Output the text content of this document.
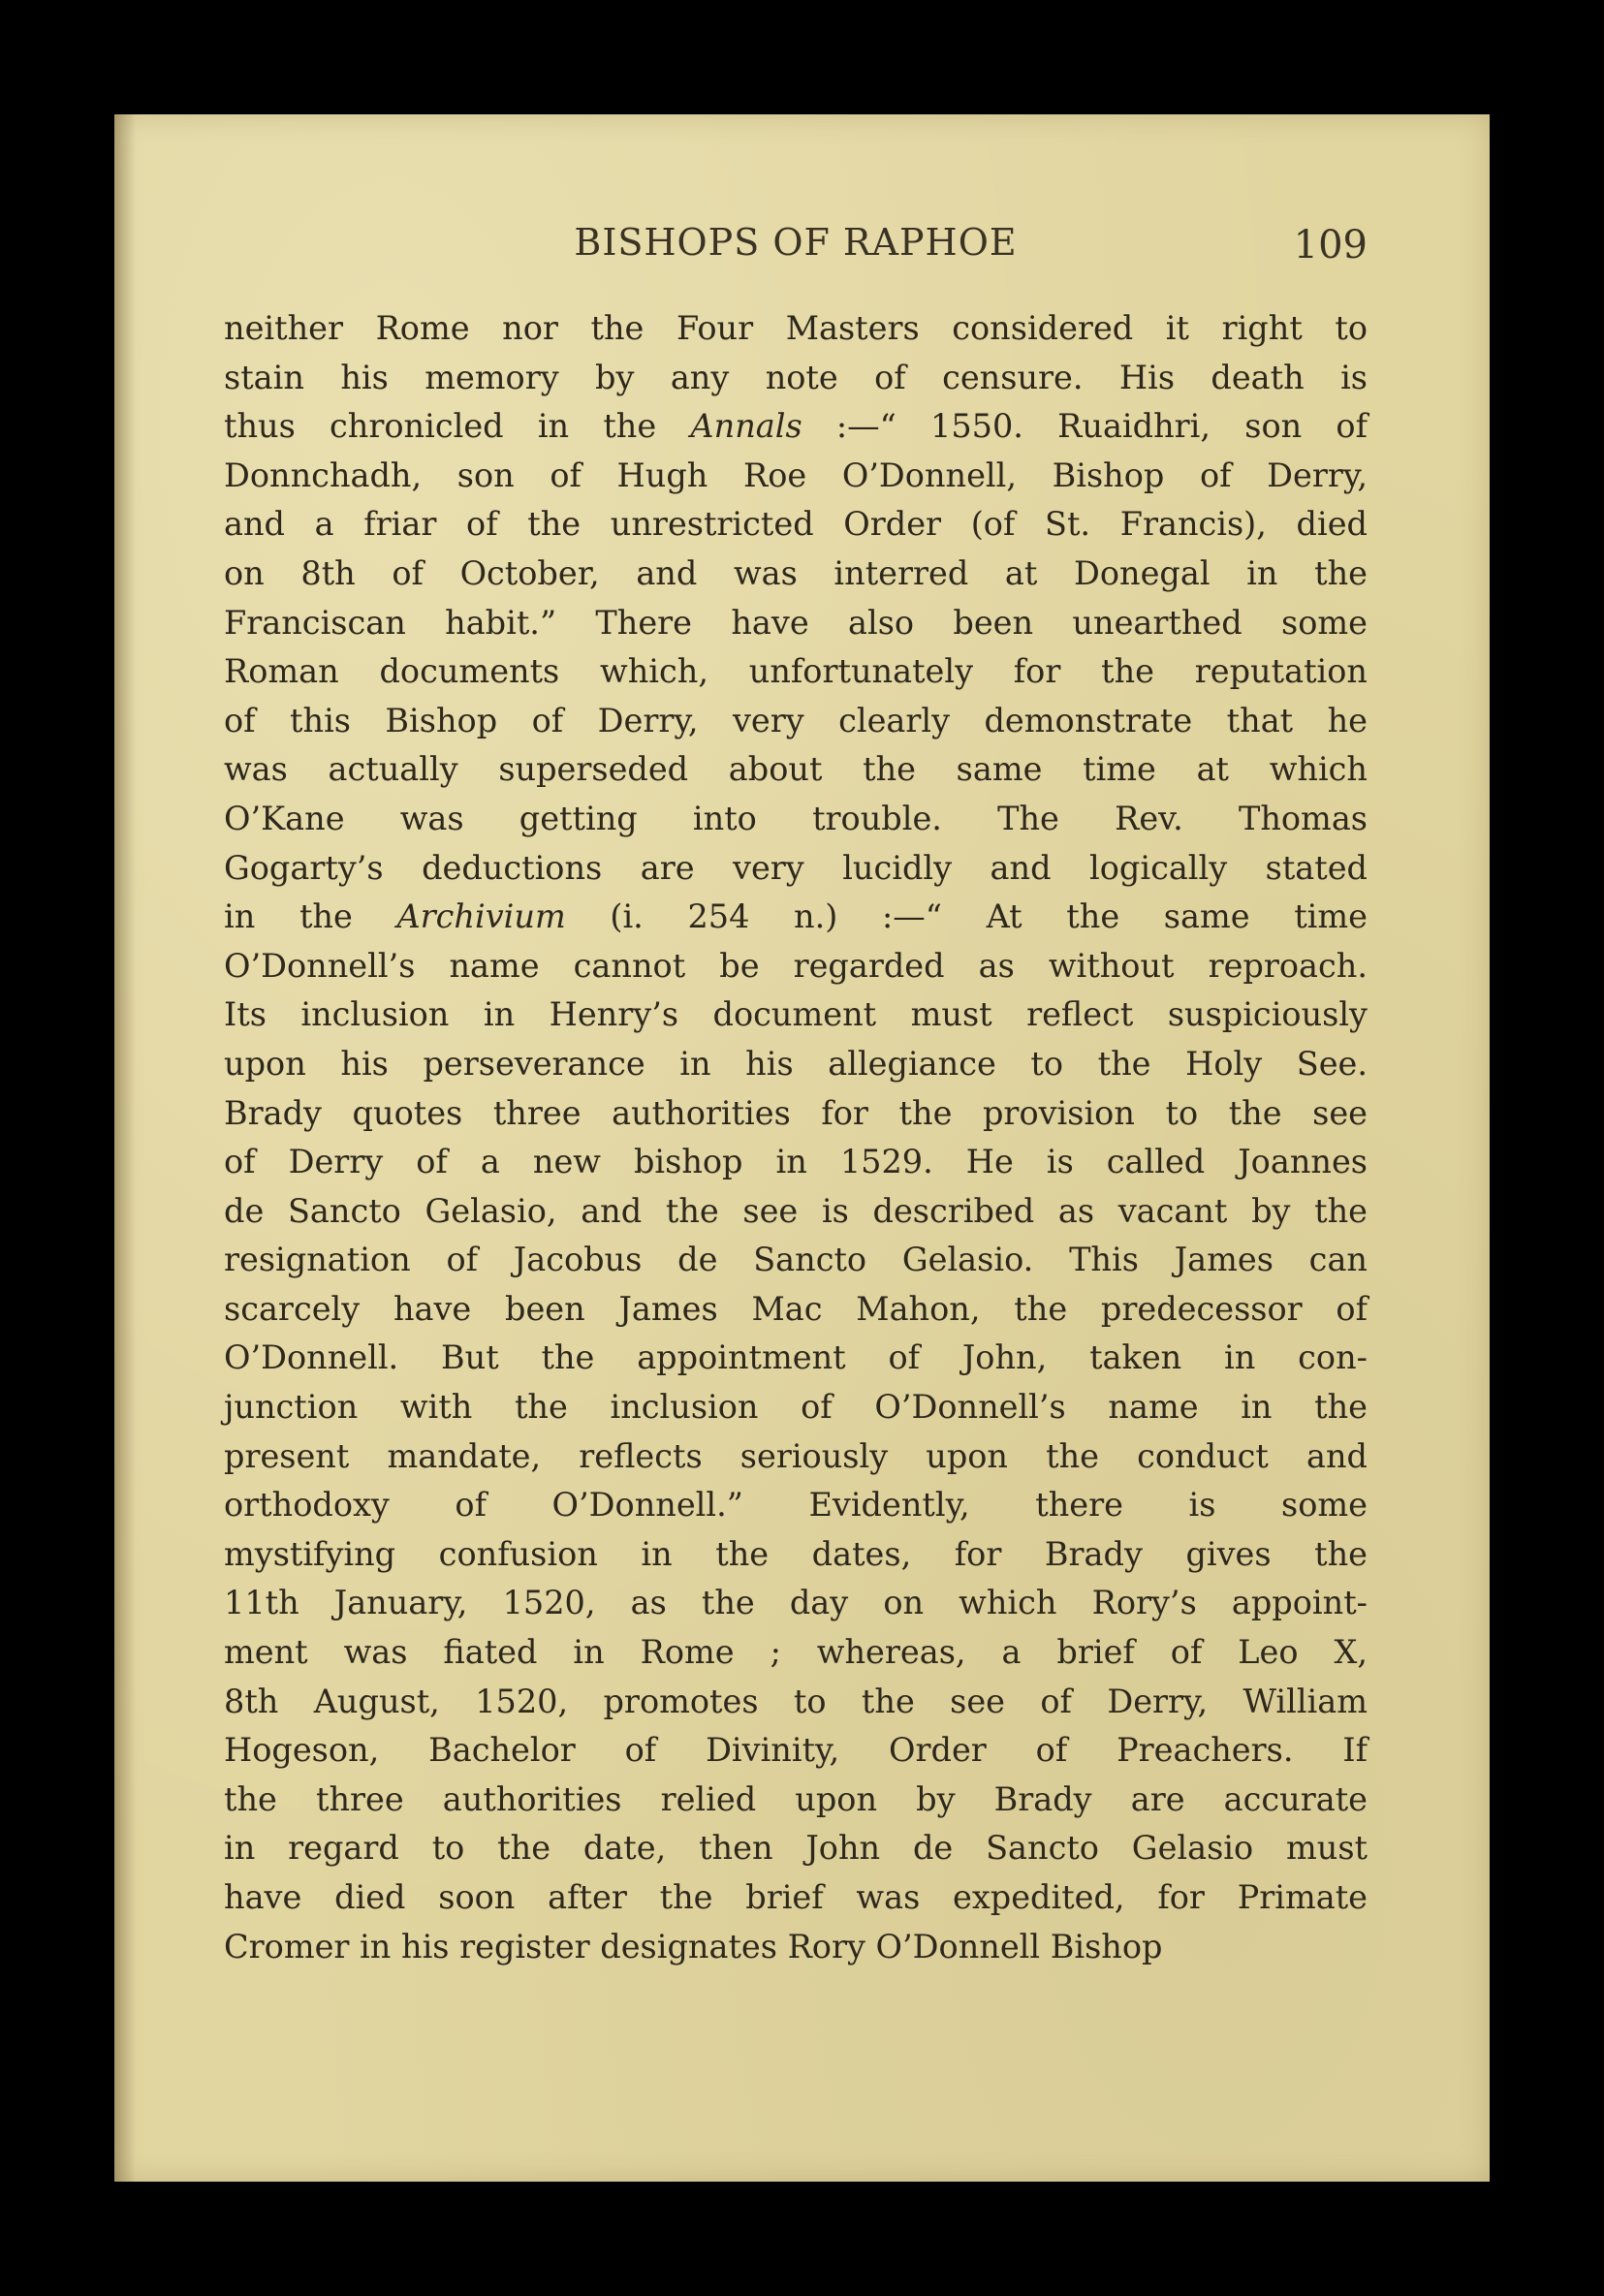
BISHOPS OF RAPHOE	109
neither Rome nor the Four Masters considered it right to
stain his memory by any note of censure. His death is
thus chronicled in the Annals :—“ 1550. Ruaidhri, son of
Donnchadh, son of Hugh Roe O’Donnell, Bishop of Derry,
and a friar of the unrestricted Order (of St. Francis), died
on 8th of October, and was interred at Donegal in the
Franciscan habit.” There have also been unearthed some
Roman documents which, unfortunately for the reputation
of this Bishop of Derry, very clearly demonstrate that he
was actually superseded about the same time at which
O’Kane was getting into trouble. The Rev. Thomas
Gogarty’s deductions are very lucidly and logically stated
in the Archivium (i. 254 n.) :—“ At the same time
O’Donnell’s name cannot be regarded as without reproach.
Its inclusion in Henry’s document must reflect suspiciously
upon his perseverance in his allegiance to the Holy See.
Brady quotes three authorities for the provision to the see
of Derry of a new bishop in 1529. He is called Joannes
de Sancto Gelasio, and the see is described as vacant by the
resignation of Jacobus de Sancto Gelasio. This James can
scarcely have been James Mac Mahon, the predecessor of
O’Donnell. But the appointment of John, taken in con-
junction with the inclusion of O’Donnell’s name in the
present mandate, reflects seriously upon the conduct and
orthodoxy of O’Donnell.” Evidently, there is some
mystifying confusion in the dates, for Brady gives the
11th January, 1520, as the day on which Rory’s appoint-
ment was fiated in Rome ; whereas, a brief of Leo X,
8th August, 1520, promotes to the see of Derry, William
Hogeson, Bachelor of Divinity, Order of Preachers. If
the three authorities relied upon by Brady are accurate
in regard to the date, then John de Sancto Gelasio must
have died soon after the brief was expedited, for Primate
Cromer in his register designates Rory O’Donnell Bishop
